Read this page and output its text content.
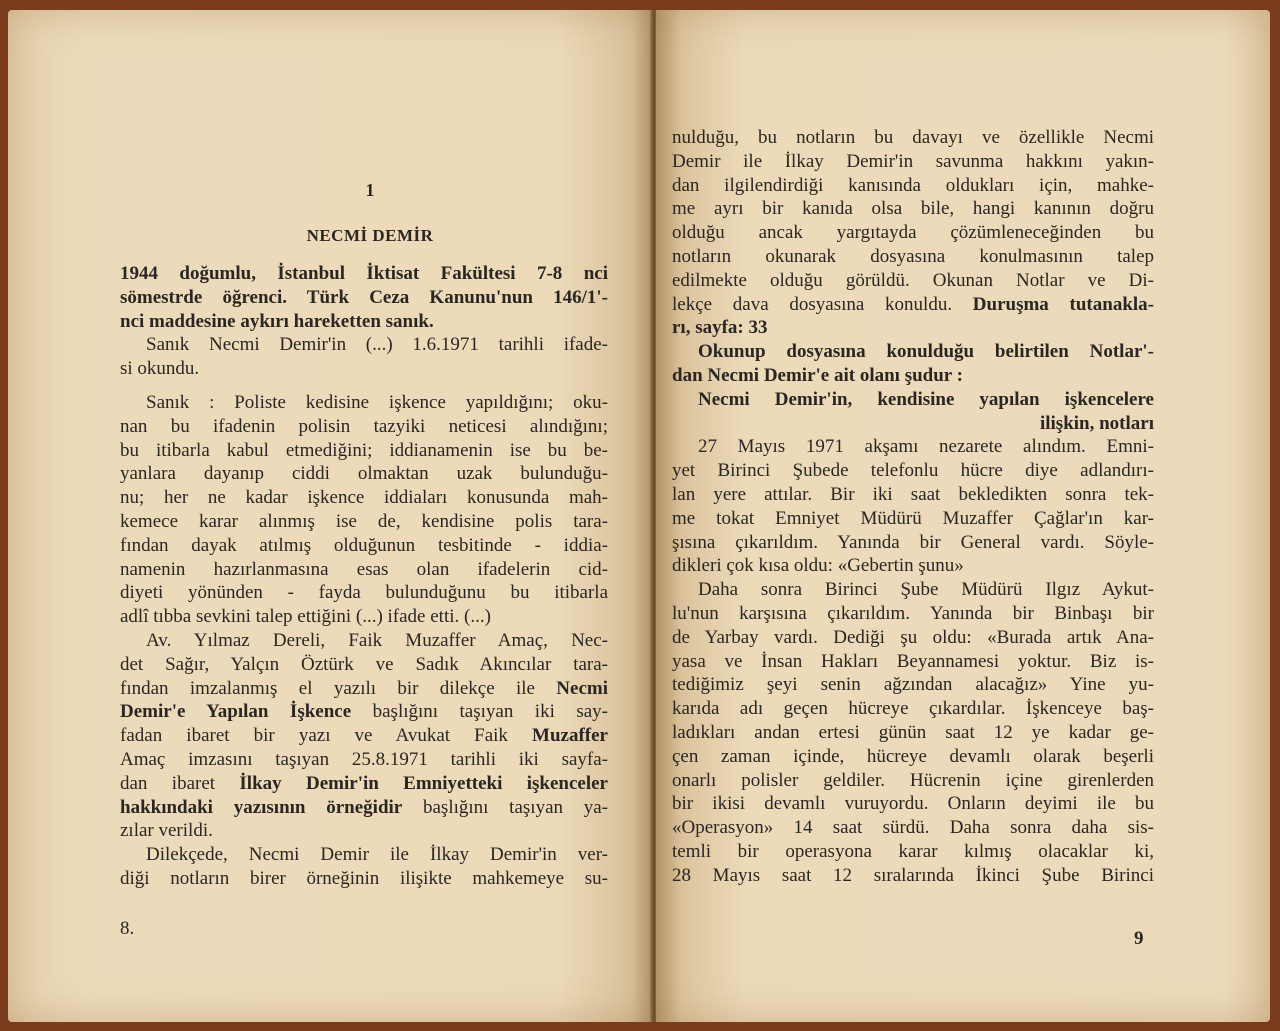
1
NECMİ DEMİR
1944 doğumlu, İstanbul İktisat Fakültesi 7-8 nci
sömestrde öğrenci. Türk Ceza Kanunu'nun 146/1'-
nci maddesine aykırı hareketten sanık.
Sanık Necmi Demir'in (...) 1.6.1971 tarihli ifade-
si okundu.
Sanık : Poliste kedisine işkence yapıldığını; oku-
nan bu ifadenin polisin tazyiki neticesi alındığını;
bu itibarla kabul etmediğini; iddianamenin ise bu be-
yanlara dayanıp ciddi olmaktan uzak bulunduğu-
nu; her ne kadar işkence iddiaları konusunda mah-
kemece karar alınmış ise de, kendisine polis tara-
fından dayak atılmış olduğunun tesbitinde - iddia-
namenin hazırlanmasına esas olan ifadelerin cid-
diyeti yönünden - fayda bulunduğunu bu itibarla
adlî tıbba sevkini talep ettiğini (...) ifade etti. (...)
Av. Yılmaz Dereli, Faik Muzaffer Amaç, Nec-
det Sağır, Yalçın Öztürk ve Sadık Akıncılar tara-
fından imzalanmış el yazılı bir dilekçe ile Necmi
Demir'e Yapılan İşkence başlığını taşıyan iki say-
fadan ibaret bir yazı ve Avukat Faik Muzaffer
Amaç imzasını taşıyan 25.8.1971 tarihli iki sayfa-
dan ibaret İlkay Demir'in Emniyetteki işkenceler
hakkındaki yazısının örneğidir başlığını taşıyan ya-
zılar verildi.
Dilekçede, Necmi Demir ile İlkay Demir'in ver-
diği notların birer örneğinin ilişikte mahkemeye su-
8.
nulduğu, bu notların bu davayı ve özellikle Necmi
Demir ile İlkay Demir'in savunma hakkını yakın-
dan ilgilendirdiği kanısında oldukları için, mahke-
me ayrı bir kanıda olsa bile, hangi kanının doğru
olduğu ancak yargıtayda çözümleneceğinden bu
notların okunarak dosyasına konulmasının talep
edilmekte olduğu görüldü. Okunan Notlar ve Di-
lekçe dava dosyasına konuldu. Duruşma tutanakla-
rı, sayfa: 33
Okunup dosyasına konulduğu belirtilen Notlar'-
dan Necmi Demir'e ait olanı şudur :
Necmi Demir'in, kendisine yapılan işkencelere
ilişkin, notları
27 Mayıs 1971 akşamı nezarete alındım. Emni-
yet Birinci Şubede telefonlu hücre diye adlandırı-
lan yere attılar. Bir iki saat bekledikten sonra tek-
me tokat Emniyet Müdürü Muzaffer Çağlar'ın kar-
şısına çıkarıldım. Yanında bir General vardı. Söyle-
dikleri çok kısa oldu: «Gebertin şunu»
Daha sonra Birinci Şube Müdürü Ilgız Aykut-
lu'nun karşısına çıkarıldım. Yanında bir Binbaşı bir
de Yarbay vardı. Dediği şu oldu: «Burada artık Ana-
yasa ve İnsan Hakları Beyannamesi yoktur. Biz is-
tediğimiz şeyi senin ağzından alacağız» Yine yu-
karıda adı geçen hücreye çıkardılar. İşkenceye baş-
ladıkları andan ertesi günün saat 12 ye kadar ge-
çen zaman içinde, hücreye devamlı olarak beşerli
onarlı polisler geldiler. Hücrenin içine girenlerden
bir ikisi devamlı vuruyordu. Onların deyimi ile bu
«Operasyon» 14 saat sürdü. Daha sonra daha sis-
temli bir operasyona karar kılmış olacaklar ki,
28 Mayıs saat 12 sıralarında İkinci Şube Birinci
9
